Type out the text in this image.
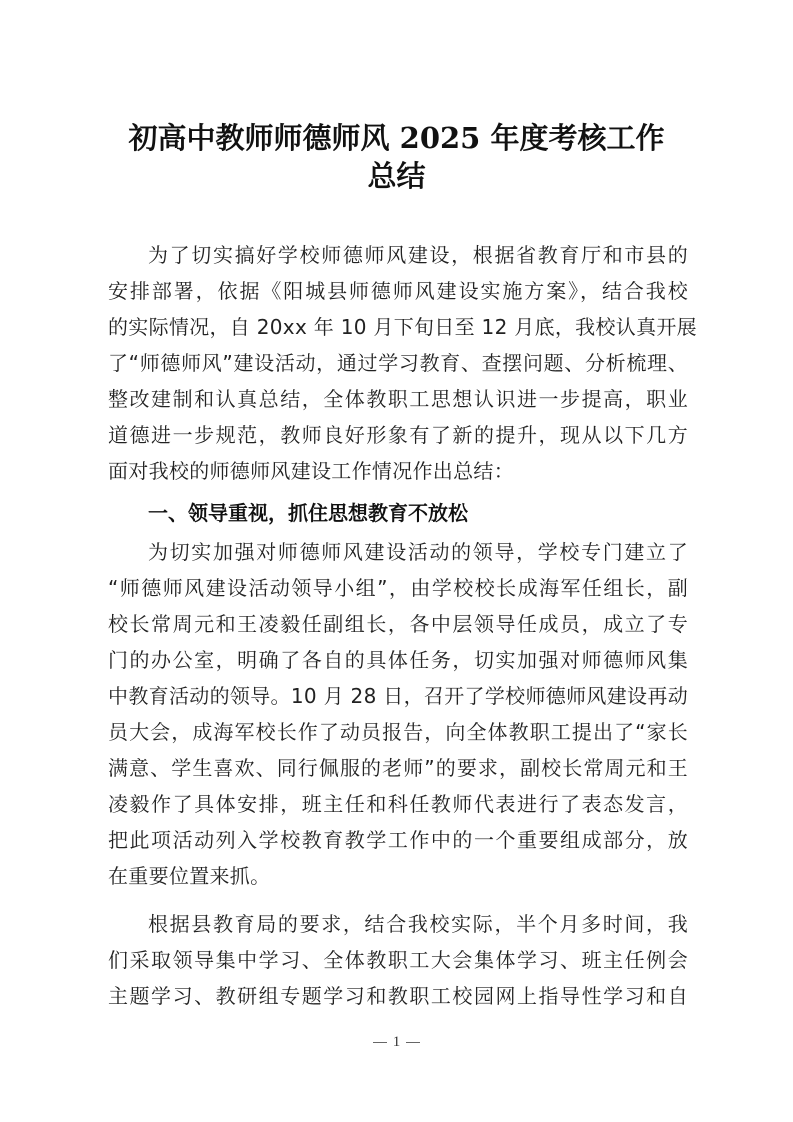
初高中教师师德师风 2025 年度考核工作
总结
为了切实搞好学校师德师风建设，根据省教育厅和市县的
安排部署，依据《阳城县师德师风建设实施方案》，结合我校
的实际情况，自 20xx 年 10 月下旬日至 12 月底，我校认真开展
了“师德师风”建设活动，通过学习教育、查摆问题、分析梳理、
整改建制和认真总结，全体教职工思想认识进一步提高，职业
道德进一步规范，教师良好形象有了新的提升，现从以下几方
面对我校的师德师风建设工作情况作出总结：
一、领导重视，抓住思想教育不放松
为切实加强对师德师风建设活动的领导，学校专门建立了
“师德师风建设活动领导小组”，由学校校长成海军任组长，副
校长常周元和王凌毅任副组长，各中层领导任成员，成立了专
门的办公室，明确了各自的具体任务，切实加强对师德师风集
中教育活动的领导。10 月 28 日，召开了学校师德师风建设再动
员大会，成海军校长作了动员报告，向全体教职工提出了“家长
满意、学生喜欢、同行佩服的老师”的要求，副校长常周元和王
凌毅作了具体安排，班主任和科任教师代表进行了表态发言，
把此项活动列入学校教育教学工作中的一个重要组成部分，放
在重要位置来抓。
根据县教育局的要求，结合我校实际，半个月多时间，我
们采取领导集中学习、全体教职工大会集体学习、班主任例会
主题学习、教研组专题学习和教职工校园网上指导性学习和自
1
